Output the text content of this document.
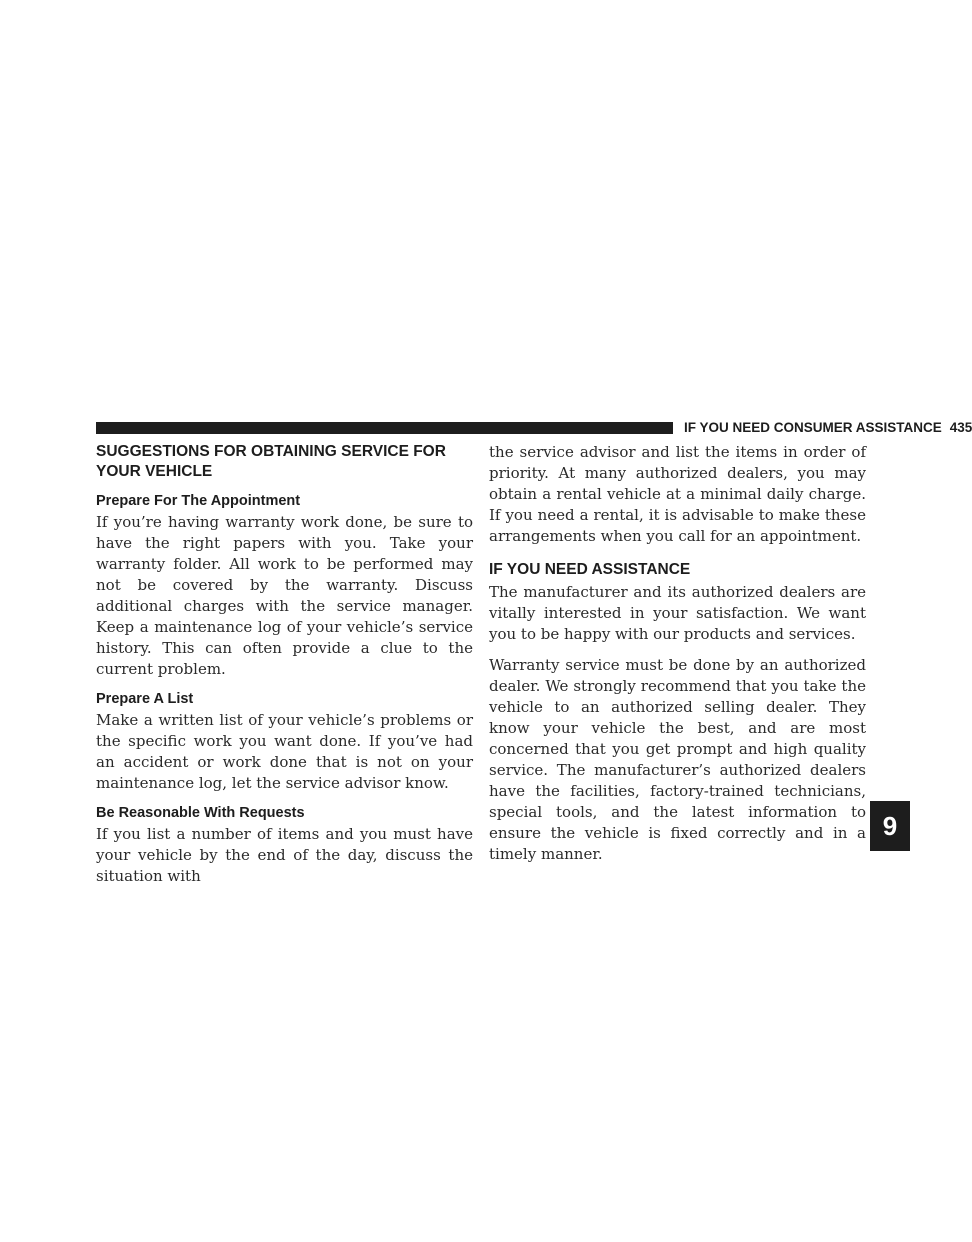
IF YOU NEED CONSUMER ASSISTANCE 435
SUGGESTIONS FOR OBTAINING SERVICE FOR YOUR VEHICLE
Prepare For The Appointment

If you’re having warranty work done, be sure to have the right papers with you. Take your warranty folder. All work to be performed may not be covered by the warranty. Discuss additional charges with the service manager. Keep a maintenance log of your vehicle’s service history. This can often provide a clue to the current problem.

Prepare A List

Make a written list of your vehicle’s problems or the specific work you want done. If you’ve had an accident or work done that is not on your maintenance log, let the service advisor know.

Be Reasonable With Requests

If you list a number of items and you must have your vehicle by the end of the day, discuss the situation with

the service advisor and list the items in order of priority. At many authorized dealers, you may obtain a rental vehicle at a minimal daily charge. If you need a rental, it is advisable to make these arrangements when you call for an appointment.

IF YOU NEED ASSISTANCE

The manufacturer and its authorized dealers are vitally interested in your satisfaction. We want you to be happy with our products and services.

Warranty service must be done by an authorized dealer. We strongly recommend that you take the vehicle to an authorized selling dealer. They know your vehicle the best, and are most concerned that you get prompt and high quality service. The manufacturer’s authorized dealers have the facilities, factory-trained technicians, special tools, and the latest information to ensure the vehicle is fixed correctly and in a timely manner.

9
